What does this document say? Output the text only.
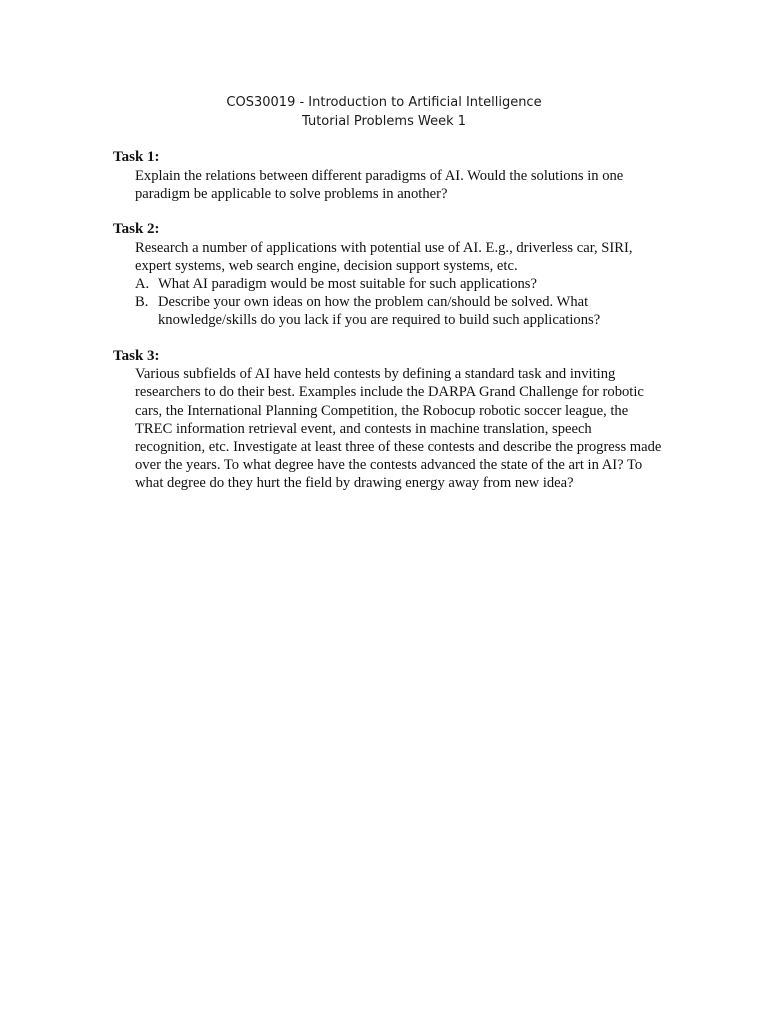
COS30019 - Introduction to Artificial Intelligence
Tutorial Problems Week 1
Task 1:

Explain the relations between different paradigms of AI. Would the solutions in one paradigm be applicable to solve problems in another?

Task 2:

Research a number of applications with potential use of AI. E.g., driverless car, SIRI, expert systems, web search engine, decision support systems, etc.

A. What AI paradigm would be most suitable for such applications?
B. Describe your own ideas on how the problem can/should be solved. What knowledge/skills do you lack if you are required to build such applications?
Task 3:

Various subfields of AI have held contests by defining a standard task and inviting researchers to do their best. Examples include the DARPA Grand Challenge for robotic cars, the International Planning Competition, the Robocup robotic soccer league, the TREC information retrieval event, and contests in machine translation, speech recognition, etc. Investigate at least three of these contests and describe the progress made over the years. To what degree have the contests advanced the state of the art in AI? To what degree do they hurt the field by drawing energy away from new idea?
